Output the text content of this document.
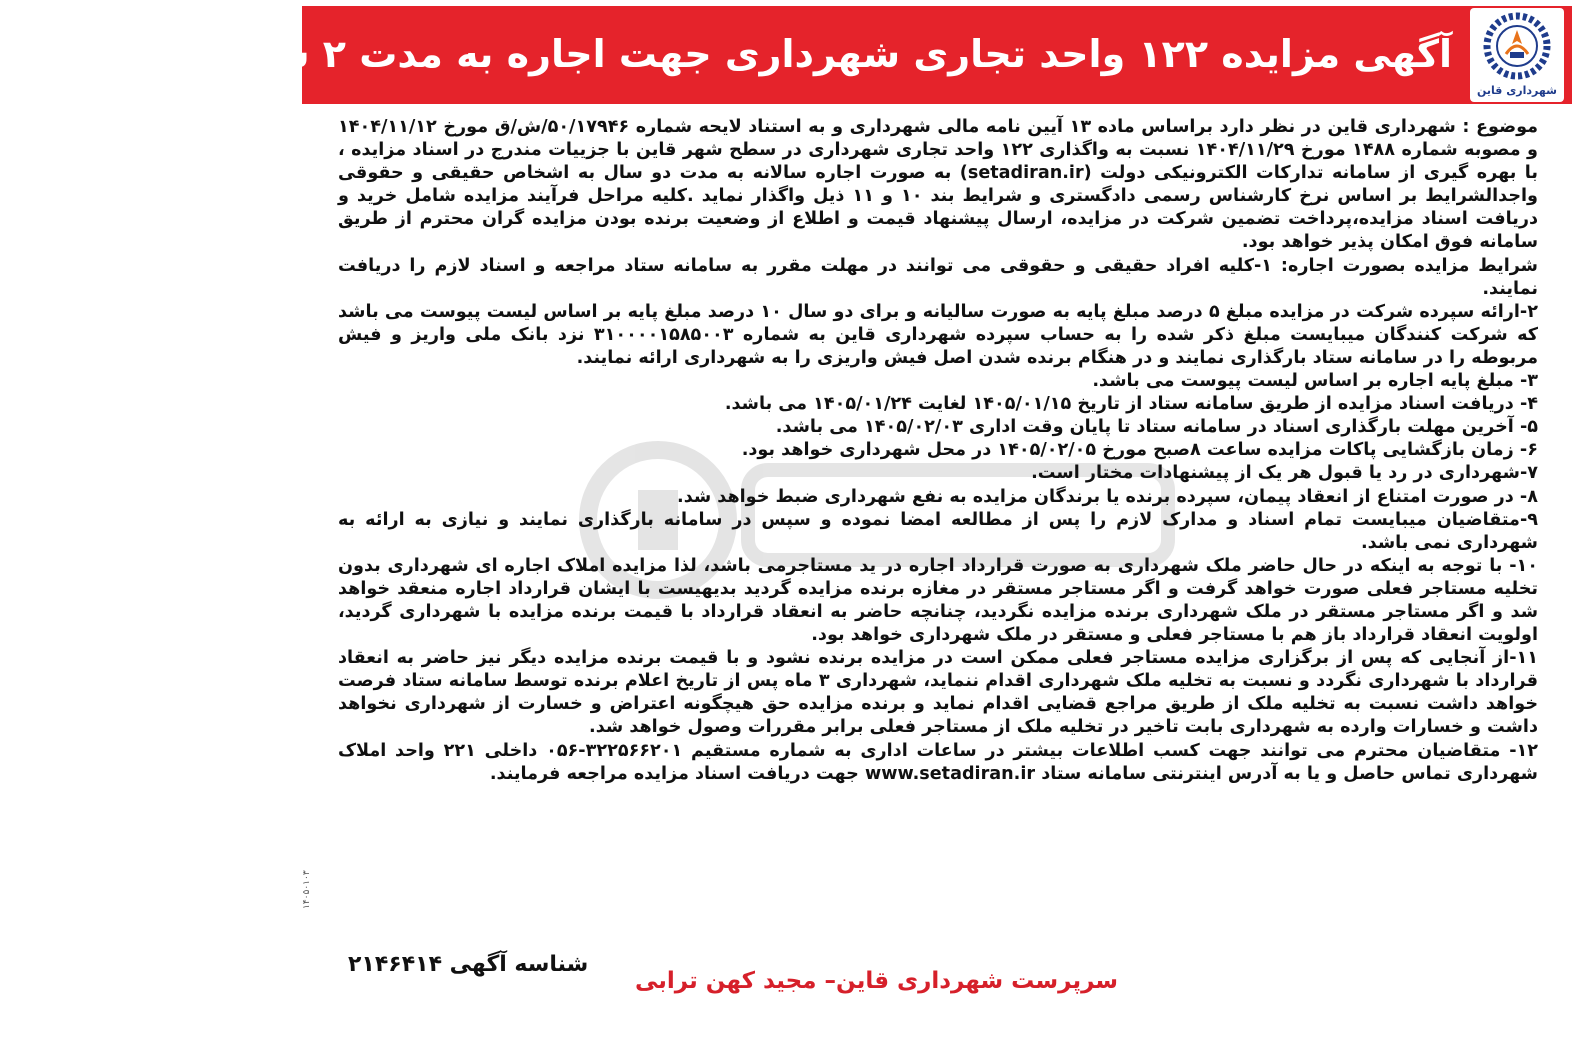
شهرداری قاین
آگهی مزایده ۱۲۲ واحد تجاری شهرداری جهت اجاره به مدت ۲ سال (نوبت دوم)

موضوع : شهرداری قاین در نظر دارد براساس ماده ۱۳ آیین نامه مالی شهرداری و به استناد لایحه شماره ۵۰/۱۷۹۴۶/ش/ق مورخ ۱۴۰۴/۱۱/۱۲ و مصوبه شماره ۱۴۸۸ مورخ ۱۴۰۴/۱۱/۲۹ نسبت به واگذاری ۱۲۲ واحد تجاری شهرداری در سطح شهر قاین با جزییات مندرج در اسناد مزایده ، با بهره گیری از سامانه تدارکات الکترونیکی دولت (setadiran.ir) به صورت اجاره سالانه به مدت دو سال به اشخاص حقیقی و حقوقی واجدالشرایط بر اساس نرخ کارشناس رسمی دادگستری و شرایط بند ۱۰ و ۱۱ ذیل واگذار نماید .کلیه مراحل فرآیند مزایده شامل خرید و دریافت اسناد مزایده،پرداخت تضمین شرکت در مزایده، ارسال پیشنهاد قیمت و اطلاع از وضعیت برنده بودن مزایده گران محترم از طریق سامانه فوق امکان پذیر خواهد بود.

شرایط مزایده بصورت اجاره: ۱-کلیه افراد حقیقی و حقوقی می توانند در مهلت مقرر به سامانه ستاد مراجعه و اسناد لازم را دریافت نمایند.

۲-ارائه سپرده شرکت در مزایده مبلغ ۵ درصد مبلغ پایه به صورت سالیانه و برای دو سال ۱۰ درصد مبلغ پایه بر اساس لیست پیوست می باشد که شرکت کنندگان میبایست مبلغ ذکر شده را به حساب سپرده شهرداری قاین به شماره ۳۱۰۰۰۰۱۵۸۵۰۰۳ نزد بانک ملی واریز و فیش مربوطه را در سامانه ستاد بارگذاری نمایند و در هنگام برنده شدن اصل فیش واریزی را به شهرداری ارائه نمایند.

۳- مبلغ پایه اجاره بر اساس لیست پیوست می باشد.

۴- دریافت اسناد مزایده از طریق سامانه ستاد از تاریخ ۱۴۰۵/۰۱/۱۵ لغایت ۱۴۰۵/۰۱/۲۴ می باشد.

۵- آخرین مهلت بارگذاری اسناد در سامانه ستاد تا پایان وقت اداری ۱۴۰۵/۰۲/۰۳ می باشد.

۶- زمان بازگشایی پاکات مزایده ساعت ۸صبح مورخ ۱۴۰۵/۰۲/۰۵ در محل شهرداری خواهد بود.

۷-شهرداری در رد یا قبول هر یک از پیشنهادات مختار است.

۸- در صورت امتناع از انعقاد پیمان، سپرده برنده یا برندگان مزایده به نفع شهرداری ضبط خواهد شد.

۹-متقاضیان میبایست تمام اسناد و مدارک لازم را پس از مطالعه امضا نموده و سپس در سامانه بارگذاری نمایند و نیازی به ارائه به شهرداری نمی باشد.

۱۰- با توجه به اینکه در حال حاضر ملک شهرداری به صورت قرارداد اجاره در ید مستاجرمی باشد، لذا مزایده املاک اجاره ای شهرداری بدون تخلیه مستاجر فعلی صورت خواهد گرفت و اگر مستاجر مستقر در مغازه برنده مزایده گردید بدیهیست با ایشان قرارداد اجاره منعقد خواهد شد و اگر مستاجر مستقر در ملک شهرداری برنده مزایده نگردید، چنانچه حاضر به انعقاد قرارداد با قیمت برنده مزایده با شهرداری گردید، اولویت انعقاد قرارداد باز هم با مستاجر فعلی و مستقر در ملک شهرداری خواهد بود.

۱۱-از آنجایی که پس از برگزاری مزایده مستاجر فعلی ممکن است در مزایده برنده نشود و با قیمت برنده مزایده دیگر نیز حاضر به انعقاد قرارداد با شهرداری نگردد و نسبت به تخلیه ملک شهرداری اقدام ننماید، شهرداری ۳ ماه پس از تاریخ اعلام برنده توسط سامانه ستاد فرصت خواهد داشت نسبت به تخلیه ملک از طریق مراجع قضایی اقدام نماید و برنده مزایده حق هیچگونه اعتراض و خسارت از شهرداری نخواهد داشت و خسارات وارده به شهرداری بابت تاخیر در تخلیه ملک از مستاجر فعلی برابر مقررات وصول خواهد شد.

۱۲- متقاضیان محترم می توانند جهت کسب اطلاعات بیشتر در ساعات اداری به شماره مستقیم ۳۲۲۵۶۶۲۰۱-۰۵۶ داخلی ۲۲۱ واحد املاک شهرداری تماس حاصل و یا به آدرس اینترنتی سامانه ستاد www.setadiran.ir جهت دریافت اسناد مزایده مراجعه فرمایند.

شناسه آگهی ۲۱۴۶۴۱۴
سرپرست شهرداری قاین– مجید کهن ترابی
۱۴۰۵۰۱۰۳
